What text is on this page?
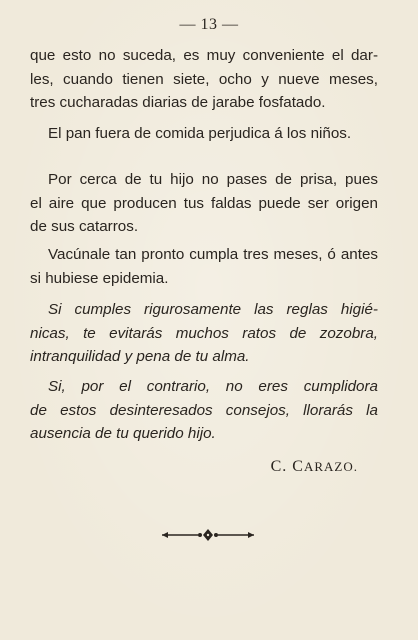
— 13 —
que esto no suceda, es muy conveniente el dar-
les, cuando tienen siete, ocho y nueve meses,
tres cucharadas diarias de jarabe fosfatado.
El pan fuera de comida perjudica á los niños.
Por cerca de tu hijo no pases de prisa, pues
el aire que producen tus faldas puede ser origen
de sus catarros.
Vacúnale tan pronto cumpla tres meses, ó antes
si hubiese epidemia.
Si cumples rigurosamente las reglas higié-
nicas, te evitarás muchos ratos de zozobra,
intranquilidad y pena de tu alma.
Si, por el contrario, no eres cumplidora
de estos desinteresados consejos, llorarás la
ausencia de tu querido hijo.
C. CARAZO.
